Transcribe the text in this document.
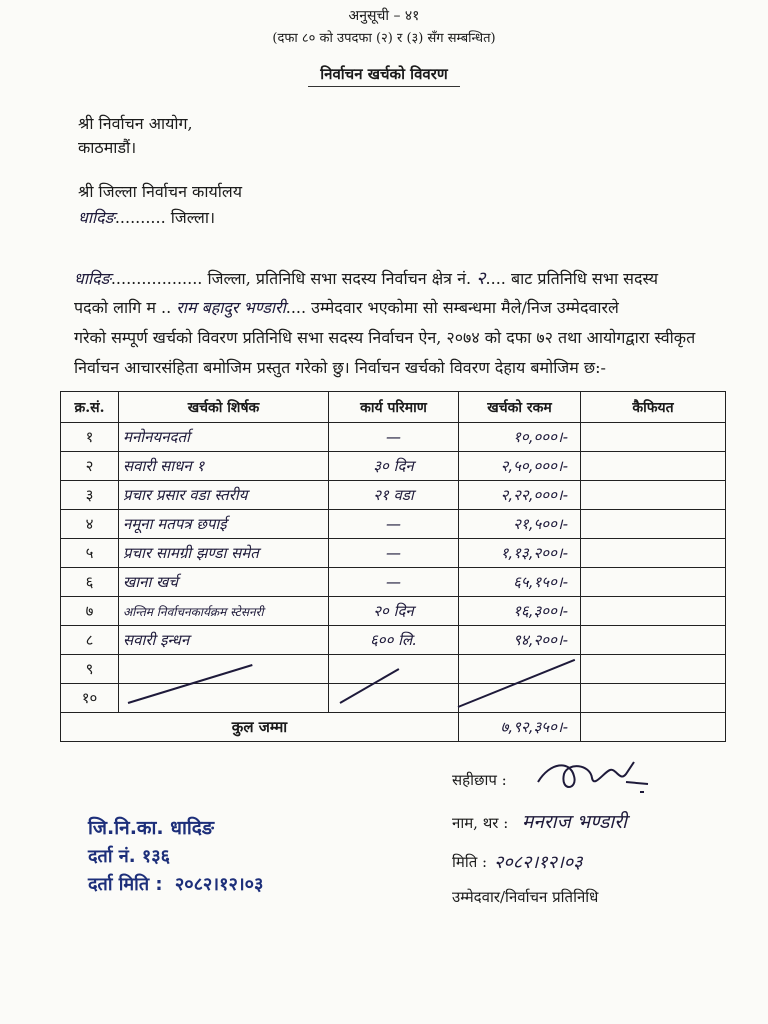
अनुसूची – ४१
(दफा ८० को उपदफा (२) र (३) सँग सम्बन्धित)
निर्वाचन खर्चको विवरण
श्री निर्वाचन आयोग,
काठमाडौं।
श्री जिल्ला निर्वाचन कार्यालय
धादिङ.......... जिल्ला।
धादिङ.................. जिल्ला, प्रतिनिधि सभा सदस्य निर्वाचन क्षेत्र नं. २.... बाट प्रतिनिधि सभा सदस्य
पदको लागि म .. राम बहादुर भण्डारी.... उम्मेदवार भएकोमा सो सम्बन्धमा मैले/निज उम्मेदवारले
गरेको सम्पूर्ण खर्चको विवरण प्रतिनिधि सभा सदस्य निर्वाचन ऐन, २०७४ को दफा ७२ तथा आयोगद्वारा स्वीकृत
निर्वाचन आचारसंहिता बमोजिम प्रस्तुत गरेको छु। निर्वाचन खर्चको विवरण देहाय बमोजिम छ:-
क्र.सं.	खर्चको शिर्षक	कार्य परिमाण	खर्चको रकम	कैफियत
१	मनोनयनदर्ता	—	१०,०००।-	
२	सवारी साधन १	३० दिन	२,५०,०००।-	
३	प्रचार प्रसार वडा स्तरीय	२१ वडा	२,२२,०००।-	
४	नमूना मतपत्र छपाई	—	२१,५००।-	
५	प्रचार सामग्री झण्डा समेत	—	१,१३,२००।-	
६	खाना खर्च	—	६५,१५०।-	
७	अन्तिम निर्वाचनकार्यक्रम स्टेसनरी	२० दिन	१६,३००।-	
८	सवारी इन्धन	६०० लि.	९४,२००।-	
९				
१०				
कुल जम्मा			७,९२,३५०।-	
सहीछाप :
नाम, थर : मनराज भण्डारी
मिति : २०८२।१२।०३
उम्मेदवार/निर्वाचन प्रतिनिधि
जि.नि.का. धादिङ
दर्ता नं. १३६
दर्ता मिति : २०८२।१२।०३
